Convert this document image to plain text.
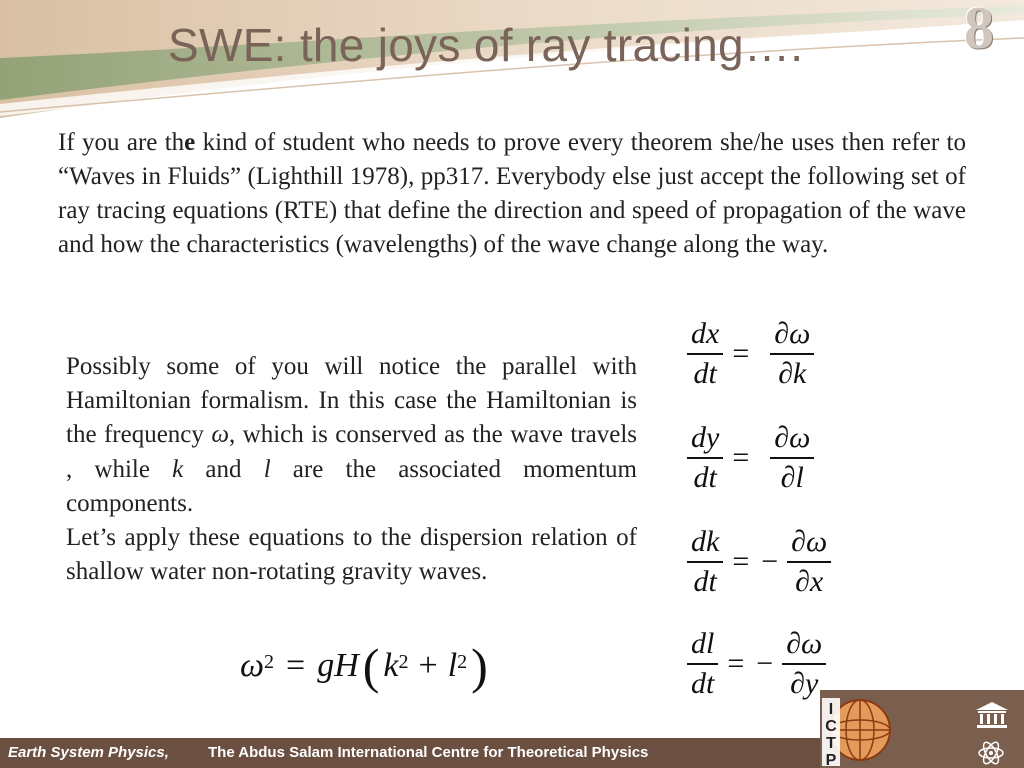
SWE: the joys of ray tracing….	8

If you are the kind of student who needs to prove every theorem she/he uses then refer to “Waves in Fluids” (Lighthill 1978), pp317. Everybody else just accept the following set of ray tracing equations (RTE) that define the direction and speed of propagation of the wave and how the characteristics (wavelengths) of the wave change along the way.

Possibly some of you will notice the parallel with Hamiltonian formalism. In this case the Hamiltonian is the frequency ω, which is conserved as the wave travels , while k and l are the associated momentum components.
Let’s apply these equations to the dispersion relation of shallow water non-rotating gravity waves.

$\frac{dx}{dt} = \frac{\partial\omega}{\partial k}$
$\frac{dy}{dt} = \frac{\partial\omega}{\partial l}$
$\frac{dk}{dt}$ = − $\frac{\partial\omega}{\partial x}$
$\frac{dl}{dt}$ = − $\frac{\partial\omega}{\partial y}$
$\omega^2$ = gH ( $k^2 + l^2$ )
Earth System Physics,	The Abdus Salam International Centre for Theoretical Physics
I
C
T
P
